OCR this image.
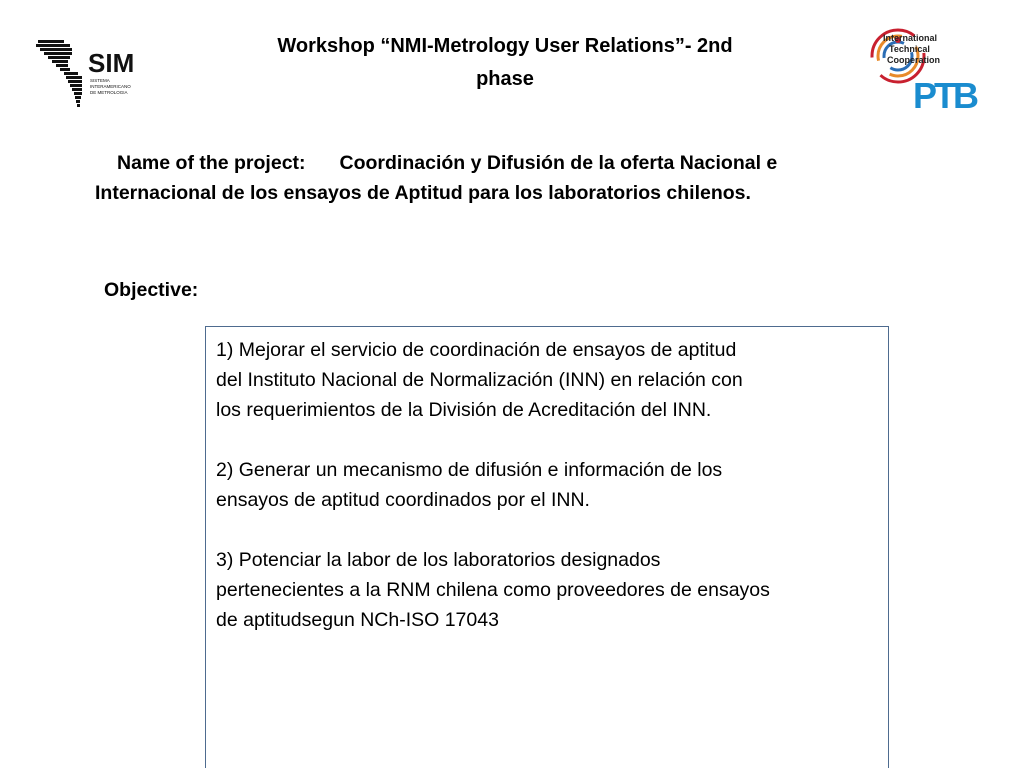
SIM
SISTEMA
INTERAMERICANO
DE METROLOGIA
Workshop “NMI-Metrology User Relations”- 2nd
phase
International
Technical
Cooperation
PTB
Name of the project: Coordinación y Difusión de la oferta Nacional e
Internacional de los ensayos de Aptitud para los laboratorios chilenos.
Objective:
1) Mejorar el servicio de coordinación de ensayos de aptitud
del Instituto Nacional de Normalización (INN) en relación con
los requerimientos de la División de Acreditación del INN.
2) Generar un mecanismo de difusión e información de los
ensayos de aptitud coordinados por el INN.
3) Potenciar la labor de los laboratorios designados
pertenecientes a la RNM chilena como proveedores de ensayos
de aptitudsegun NCh-ISO 17043
